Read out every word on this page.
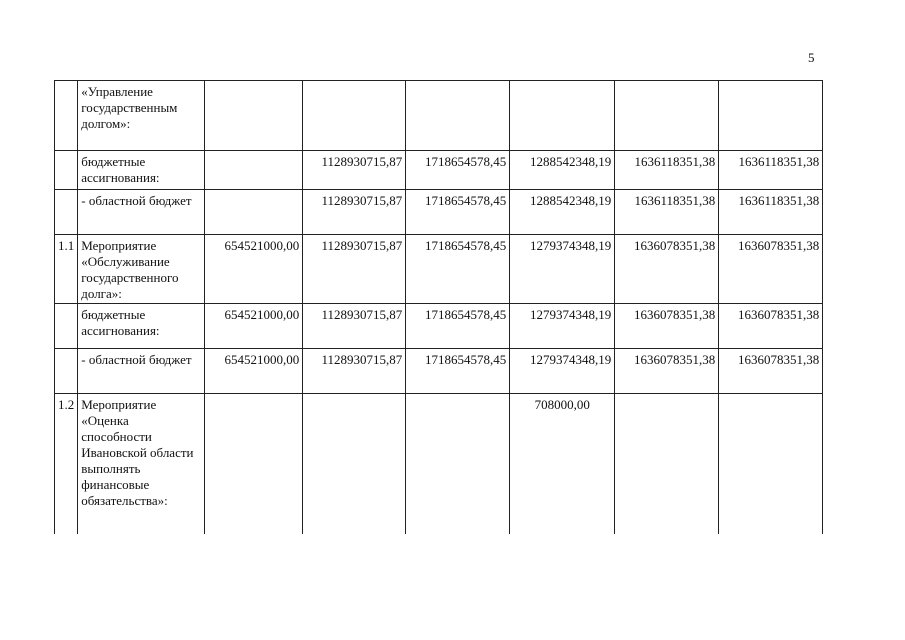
5
	«Управление государственным долгом»:						
	бюджетные ассигнования:		1128930715,87	1718654578,45	1288542348,19	1636118351,38	1636118351,38
	- областной бюджет		1128930715,87	1718654578,45	1288542348,19	1636118351,38	1636118351,38
1.1	Мероприятие «Обслуживание государственного долга»:	654521000,00	1128930715,87	1718654578,45	1279374348,19	1636078351,38	1636078351,38
	бюджетные ассигнования:	654521000,00	1128930715,87	1718654578,45	1279374348,19	1636078351,38	1636078351,38
	- областной бюджет	654521000,00	1128930715,87	1718654578,45	1279374348,19	1636078351,38	1636078351,38
1.2	Мероприятие «Оценка способности Ивановской области выполнять финансовые обязательства»:				708000,00		
